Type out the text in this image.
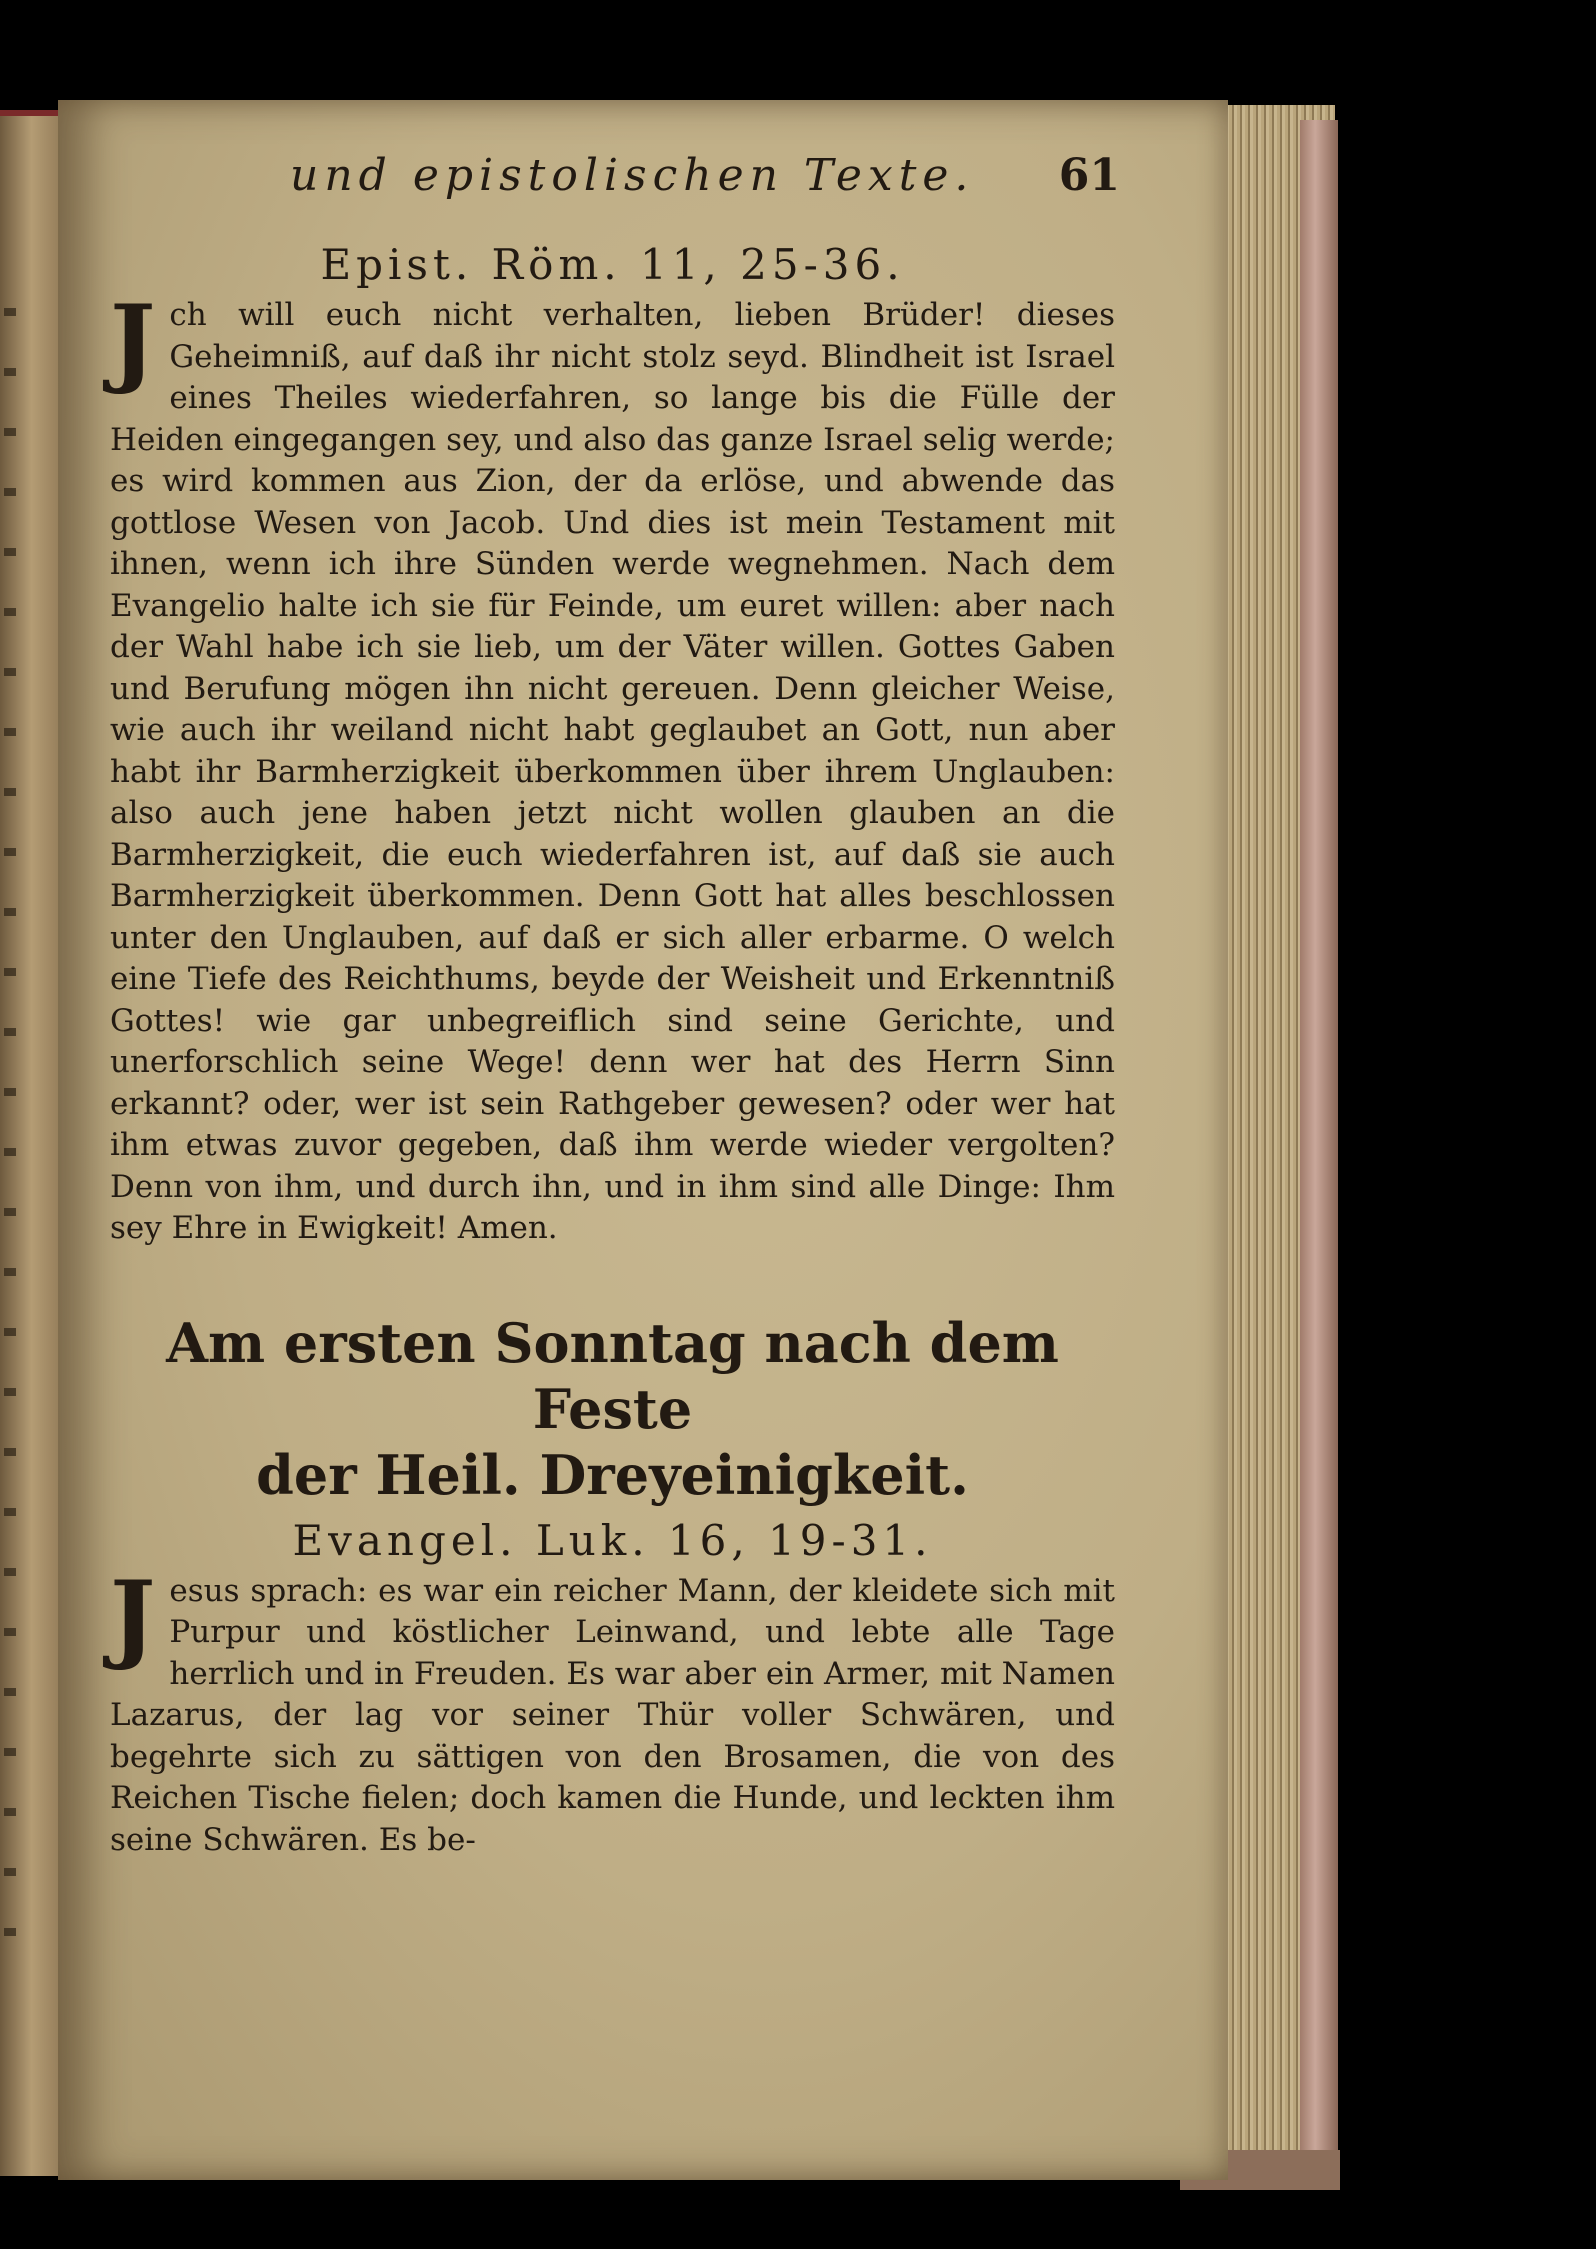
und epistolischen Texte. 61
Epist. Röm. 11, 25-36.

Jch will euch nicht verhalten, lieben Brüder! dieses Geheimniß, auf daß ihr nicht stolz seyd. Blindheit ist Israel eines Theiles wiederfahren, so lange bis die Fülle der Heiden eingegangen sey, und also das ganze Israel selig werde; es wird kommen aus Zion, der da erlöse, und abwende das gottlose Wesen von Jacob. Und dies ist mein Testament mit ihnen, wenn ich ihre Sünden werde wegnehmen. Nach dem Evangelio halte ich sie für Feinde, um euret willen: aber nach der Wahl habe ich sie lieb, um der Väter willen. Gottes Gaben und Berufung mögen ihn nicht gereuen. Denn gleicher Weise, wie auch ihr weiland nicht habt geglaubet an Gott, nun aber habt ihr Barmherzigkeit überkommen über ihrem Unglauben: also auch jene haben jetzt nicht wollen glauben an die Barmherzigkeit, die euch wiederfahren ist, auf daß sie auch Barmherzigkeit überkommen. Denn Gott hat alles beschlossen unter den Unglauben, auf daß er sich aller erbarme. O welch eine Tiefe des Reichthums, beyde der Weisheit und Erkenntniß Gottes! wie gar unbegreiflich sind seine Gerichte, und unerforschlich seine Wege! denn wer hat des Herrn Sinn erkannt? oder, wer ist sein Rathgeber gewesen? oder wer hat ihm etwas zuvor gegeben, daß ihm werde wieder vergolten? Denn von ihm, und durch ihn, und in ihm sind alle Dinge: Ihm sey Ehre in Ewigkeit! Amen.

Am ersten Sonntag nach dem Feste
der Heil. Dreyeinigkeit.
Evangel. Luk. 16, 19-31.

Jesus sprach: es war ein reicher Mann, der kleidete sich mit Purpur und köstlicher Leinwand, und lebte alle Tage herrlich und in Freuden. Es war aber ein Armer, mit Namen Lazarus, der lag vor seiner Thür voller Schwären, und begehrte sich zu sättigen von den Brosamen, die von des Reichen Tische fielen; doch kamen die Hunde, und leckten ihm seine Schwären. Es be-
